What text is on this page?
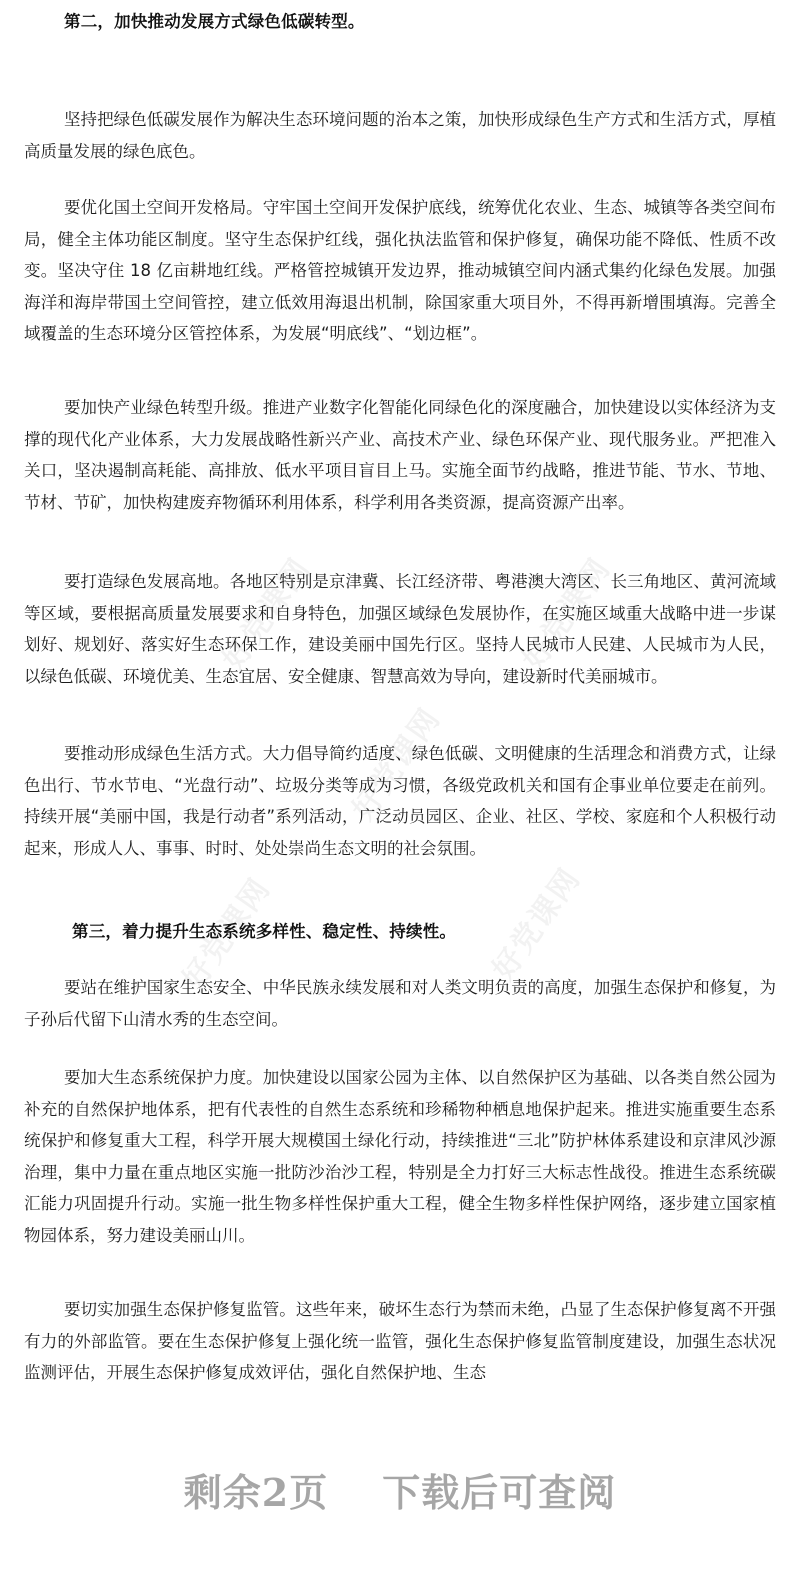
好党课网	好党课网
好党课网	好党课网
好党课网
第二，加快推动发展方式绿色低碳转型。

坚持把绿色低碳发展作为解决生态环境问题的治本之策，加快形成绿色生产方式和生活方式，厚植高质量发展的绿色底色。

要优化国土空间开发格局。守牢国土空间开发保护底线，统筹优化农业、生态、城镇等各类空间布局，健全主体功能区制度。坚守生态保护红线，强化执法监管和保护修复，确保功能不降低、性质不改变。坚决守住 18 亿亩耕地红线。严格管控城镇开发边界，推动城镇空间内涵式集约化绿色发展。加强海洋和海岸带国土空间管控，建立低效用海退出机制，除国家重大项目外，不得再新增围填海。完善全域覆盖的生态环境分区管控体系，为发展“明底线”、“划边框”。

要加快产业绿色转型升级。推进产业数字化智能化同绿色化的深度融合，加快建设以实体经济为支撑的现代化产业体系，大力发展战略性新兴产业、高技术产业、绿色环保产业、现代服务业。严把准入关口，坚决遏制高耗能、高排放、低水平项目盲目上马。实施全面节约战略，推进节能、节水、节地、节材、节矿，加快构建废弃物循环利用体系，科学利用各类资源，提高资源产出率。

要打造绿色发展高地。各地区特别是京津冀、长江经济带、粤港澳大湾区、长三角地区、黄河流域等区域，要根据高质量发展要求和自身特色，加强区域绿色发展协作，在实施区域重大战略中进一步谋划好、规划好、落实好生态环保工作，建设美丽中国先行区。坚持人民城市人民建、人民城市为人民，以绿色低碳、环境优美、生态宜居、安全健康、智慧高效为导向，建设新时代美丽城市。

要推动形成绿色生活方式。大力倡导简约适度、绿色低碳、文明健康的生活理念和消费方式，让绿色出行、节水节电、“光盘行动”、垃圾分类等成为习惯，各级党政机关和国有企事业单位要走在前列。持续开展“美丽中国，我是行动者”系列活动，广泛动员园区、企业、社区、学校、家庭和个人积极行动起来，形成人人、事事、时时、处处崇尚生态文明的社会氛围。

第三，着力提升生态系统多样性、稳定性、持续性。

要站在维护国家生态安全、中华民族永续发展和对人类文明负责的高度，加强生态保护和修复，为子孙后代留下山清水秀的生态空间。

要加大生态系统保护力度。加快建设以国家公园为主体、以自然保护区为基础、以各类自然公园为补充的自然保护地体系，把有代表性的自然生态系统和珍稀物种栖息地保护起来。推进实施重要生态系统保护和修复重大工程，科学开展大规模国土绿化行动，持续推进“三北”防护林体系建设和京津风沙源治理，集中力量在重点地区实施一批防沙治沙工程，特别是全力打好三大标志性战役。推进生态系统碳汇能力巩固提升行动。实施一批生物多样性保护重大工程，健全生物多样性保护网络，逐步建立国家植物园体系，努力建设美丽山川。

要切实加强生态保护修复监管。这些年来，破坏生态行为禁而未绝，凸显了生态保护修复离不开强有力的外部监管。要在生态保护修复上强化统一监管，强化生态保护修复监管制度建设，加强生态状况监测评估，开展生态保护修复成效评估，强化自然保护地、生态

剩余2页 下载后可查阅
